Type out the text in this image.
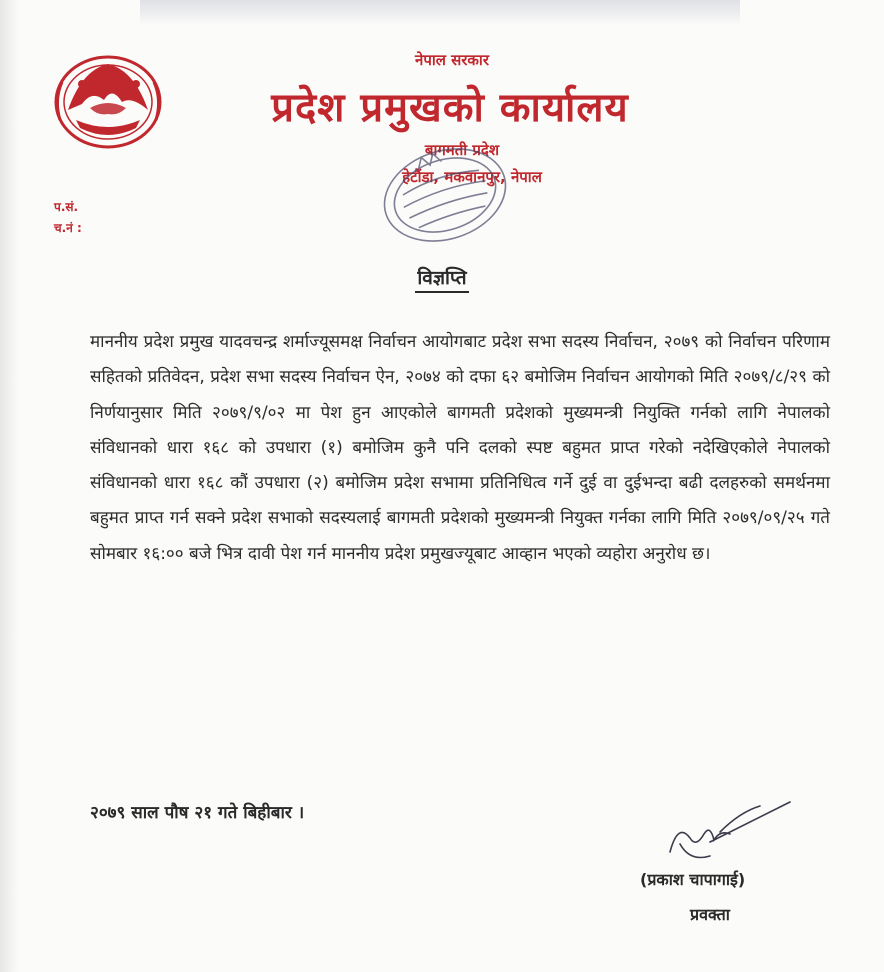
नेपाल सरकार
प्रदेश प्रमुखको कार्यालय
बागमती प्रदेश
हेटौंडा, मकवानपुर, नेपाल
प.सं.
च.नं :
विज्ञप्ति
माननीय प्रदेश प्रमुख यादवचन्द्र शर्माज्यूसमक्ष निर्वाचन आयोगबाट प्रदेश सभा सदस्य निर्वाचन, २०७९ को निर्वाचन परिणाम सहितको प्रतिवेदन, प्रदेश सभा सदस्य निर्वाचन ऐन, २०७४ को दफा ६२ बमोजिम निर्वाचन आयोगको मिति २०७९/८/२९ को निर्णयानुसार मिति २०७९/९/०२ मा पेश हुन आएकोले बागमती प्रदेशको मुख्यमन्त्री नियुक्ति गर्नको लागि नेपालको संविधानको धारा १६८ को उपधारा (१) बमोजिम कुनै पनि दलको स्पष्ट बहुमत प्राप्त गरेको नदेखिएकोले नेपालको संविधानको धारा १६८ कौं उपधारा (२) बमोजिम प्रदेश सभामा प्रतिनिधित्व गर्ने दुई वा दुईभन्दा बढी दलहरुको समर्थनमा बहुमत प्राप्त गर्न सक्ने प्रदेश सभाको सदस्यलाई बागमती प्रदेशको मुख्यमन्त्री नियुक्त गर्नका लागि मिति २०७९/०९/२५ गते सोमबार १६:०० बजे भित्र दावी पेश गर्न माननीय प्रदेश प्रमुखज्यूबाट आव्हान भएको व्यहोरा अनुरोध छ।
२०७९ साल पौष २१ गते बिहीबार ।
(प्रकाश चापागाई)
प्रवक्ता
